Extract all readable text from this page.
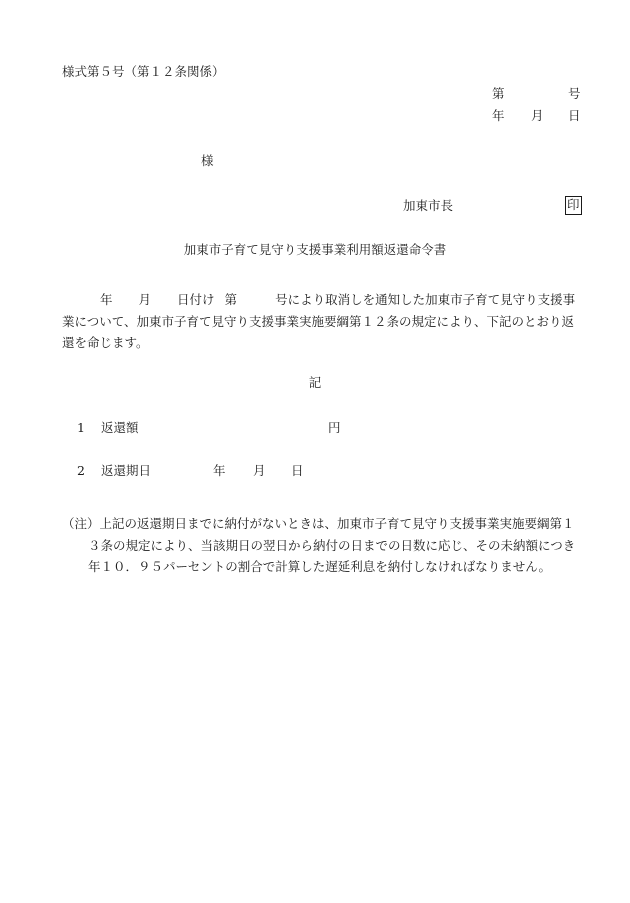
様式第５号（第１２条関係）
第	号
年 月 日
様
加東市長	印
加東市子育て見守り支援事業利用額返還命令書
年 月 日付け 第	号により取消しを通知した加東市子育て見守り支援事
業について、加東市子育て見守り支援事業実施要綱第１２条の規定により、下記のとおり返
還を命じます。
記
1 返還額	円
2 返還期日	年 月 日
（注）上記の返還期日までに納付がないときは、加東市子育て見守り支援事業実施要綱第１
３条の規定により、当該期日の翌日から納付の日までの日数に応じ、その未納額につき
年１０．９５パーセントの割合で計算した遅延利息を納付しなければなりません。
